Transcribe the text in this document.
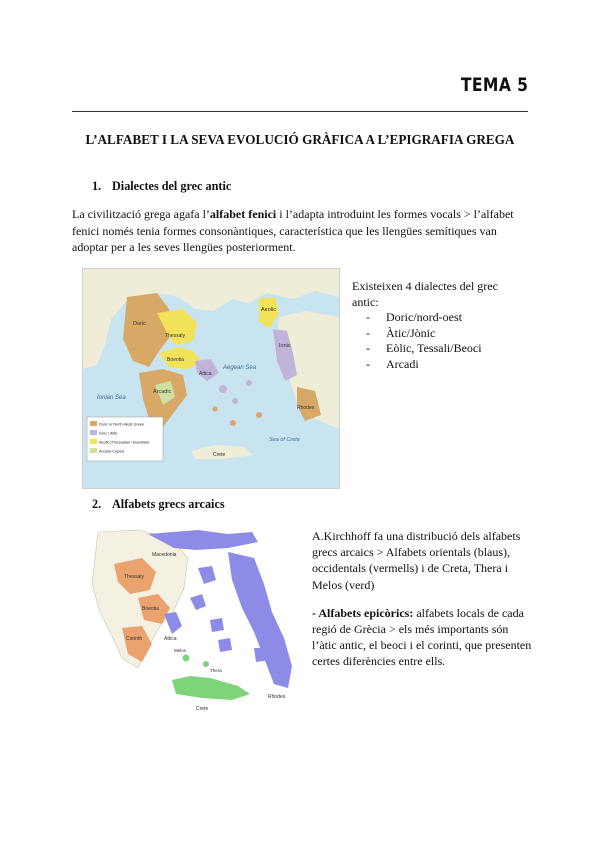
TEMA 5
L’ALFABET I LA SEVA EVOLUCIÓ GRÀFICA A L’EPIGRAFIA GREGA
1. Dialectes del grec antic
La civilització grega agafa l’alfabet fenici i l’adapta introduint les formes vocals > l’alfabet fenici només tenia formes consonàntiques, característica que les llengües semítiques van adoptar per a les seves llengües posteriorment.
Doric
Ionic
Aeolic
Arcadic
Aegean Sea
Ionian Sea
Sea of Crete
Thessaly
Boeotia
Attica
Crete
Rhodes
Doric or North-West Greek
Ionic / Attic
Aeolic (Thessalian / Boeotian)
Arcado-Cypriot
Existeixen 4 dialectes del grec antic:
- Doric/nord-oest
- Àtic/Jònic
- Eòlic, Tessali/Beoci
- Arcadi
2. Alfabets grecs arcaics
Macedonia
Thessaly
Attica
Boeotia
Corinth
Crete
Rhodes
Melos
Thera

A.Kirchhoff fa una distribució dels alfabets grecs arcaics > Alfabets orientals (blaus), occidentals (vermells) i de Creta, Thera i Melos (verd)

- Alfabets epicòrics: alfabets locals de cada regió de Grècia > els més importants són l’àtic antic, el beoci i el corinti, que presenten certes diferències entre ells.
